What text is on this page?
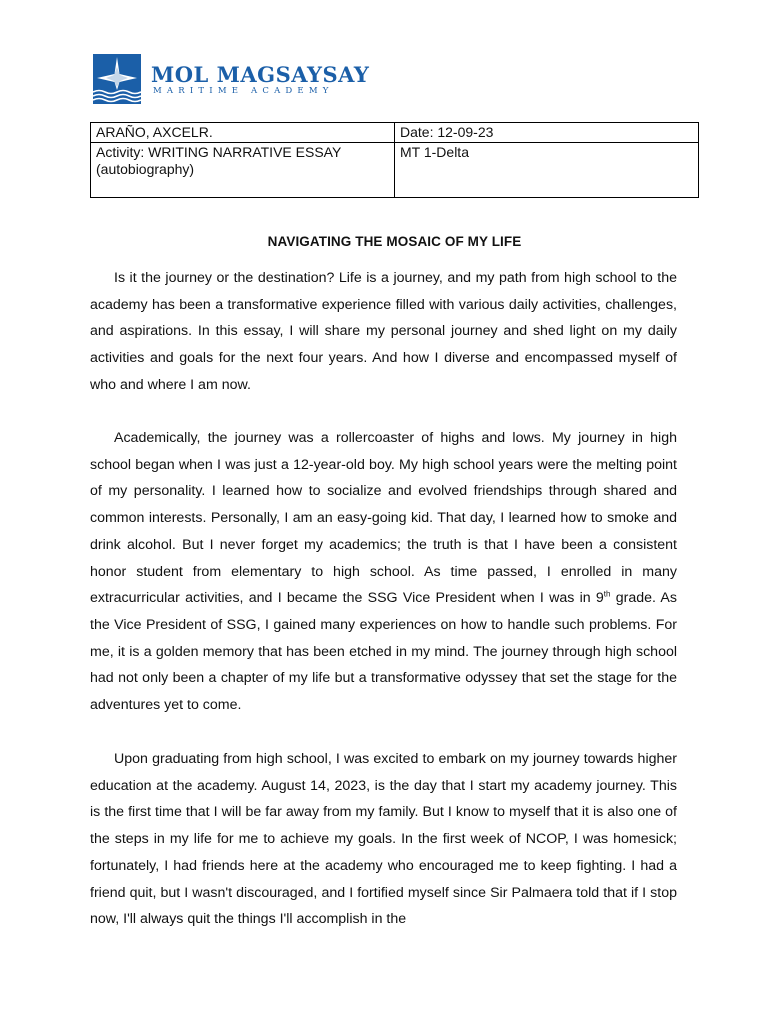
MOL MAGSAYSAY
MARITIME ACADEMY
ARAÑO, AXCELR.	Date: 12-09-23
Activity: WRITING NARRATIVE ESSAY (autobiography)	MT 1-Delta
NAVIGATING THE MOSAIC OF MY LIFE

Is it the journey or the destination? Life is a journey, and my path from high school to the academy has been a transformative experience filled with various daily activities, challenges, and aspirations. In this essay, I will share my personal journey and shed light on my daily activities and goals for the next four years. And how I diverse and encompassed myself of who and where I am now.

Academically, the journey was a rollercoaster of highs and lows. My journey in high school began when I was just a 12-year-old boy. My high school years were the melting point of my personality. I learned how to socialize and evolved friendships through shared and common interests. Personally, I am an easy-going kid. That day, I learned how to smoke and drink alcohol. But I never forget my academics; the truth is that I have been a consistent honor student from elementary to high school. As time passed, I enrolled in many extracurricular activities, and I became the SSG Vice President when I was in 9th grade. As the Vice President of SSG, I gained many experiences on how to handle such problems. For me, it is a golden memory that has been etched in my mind. The journey through high school had not only been a chapter of my life but a transformative odyssey that set the stage for the adventures yet to come.

Upon graduating from high school, I was excited to embark on my journey towards higher education at the academy. August 14, 2023, is the day that I start my academy journey. This is the first time that I will be far away from my family. But I know to myself that it is also one of the steps in my life for me to achieve my goals. In the first week of NCOP, I was homesick; fortunately, I had friends here at the academy who encouraged me to keep fighting. I had a friend quit, but I wasn't discouraged, and I fortified myself since Sir Palmaera told that if I stop now, I'll always quit the things I'll accomplish in the
